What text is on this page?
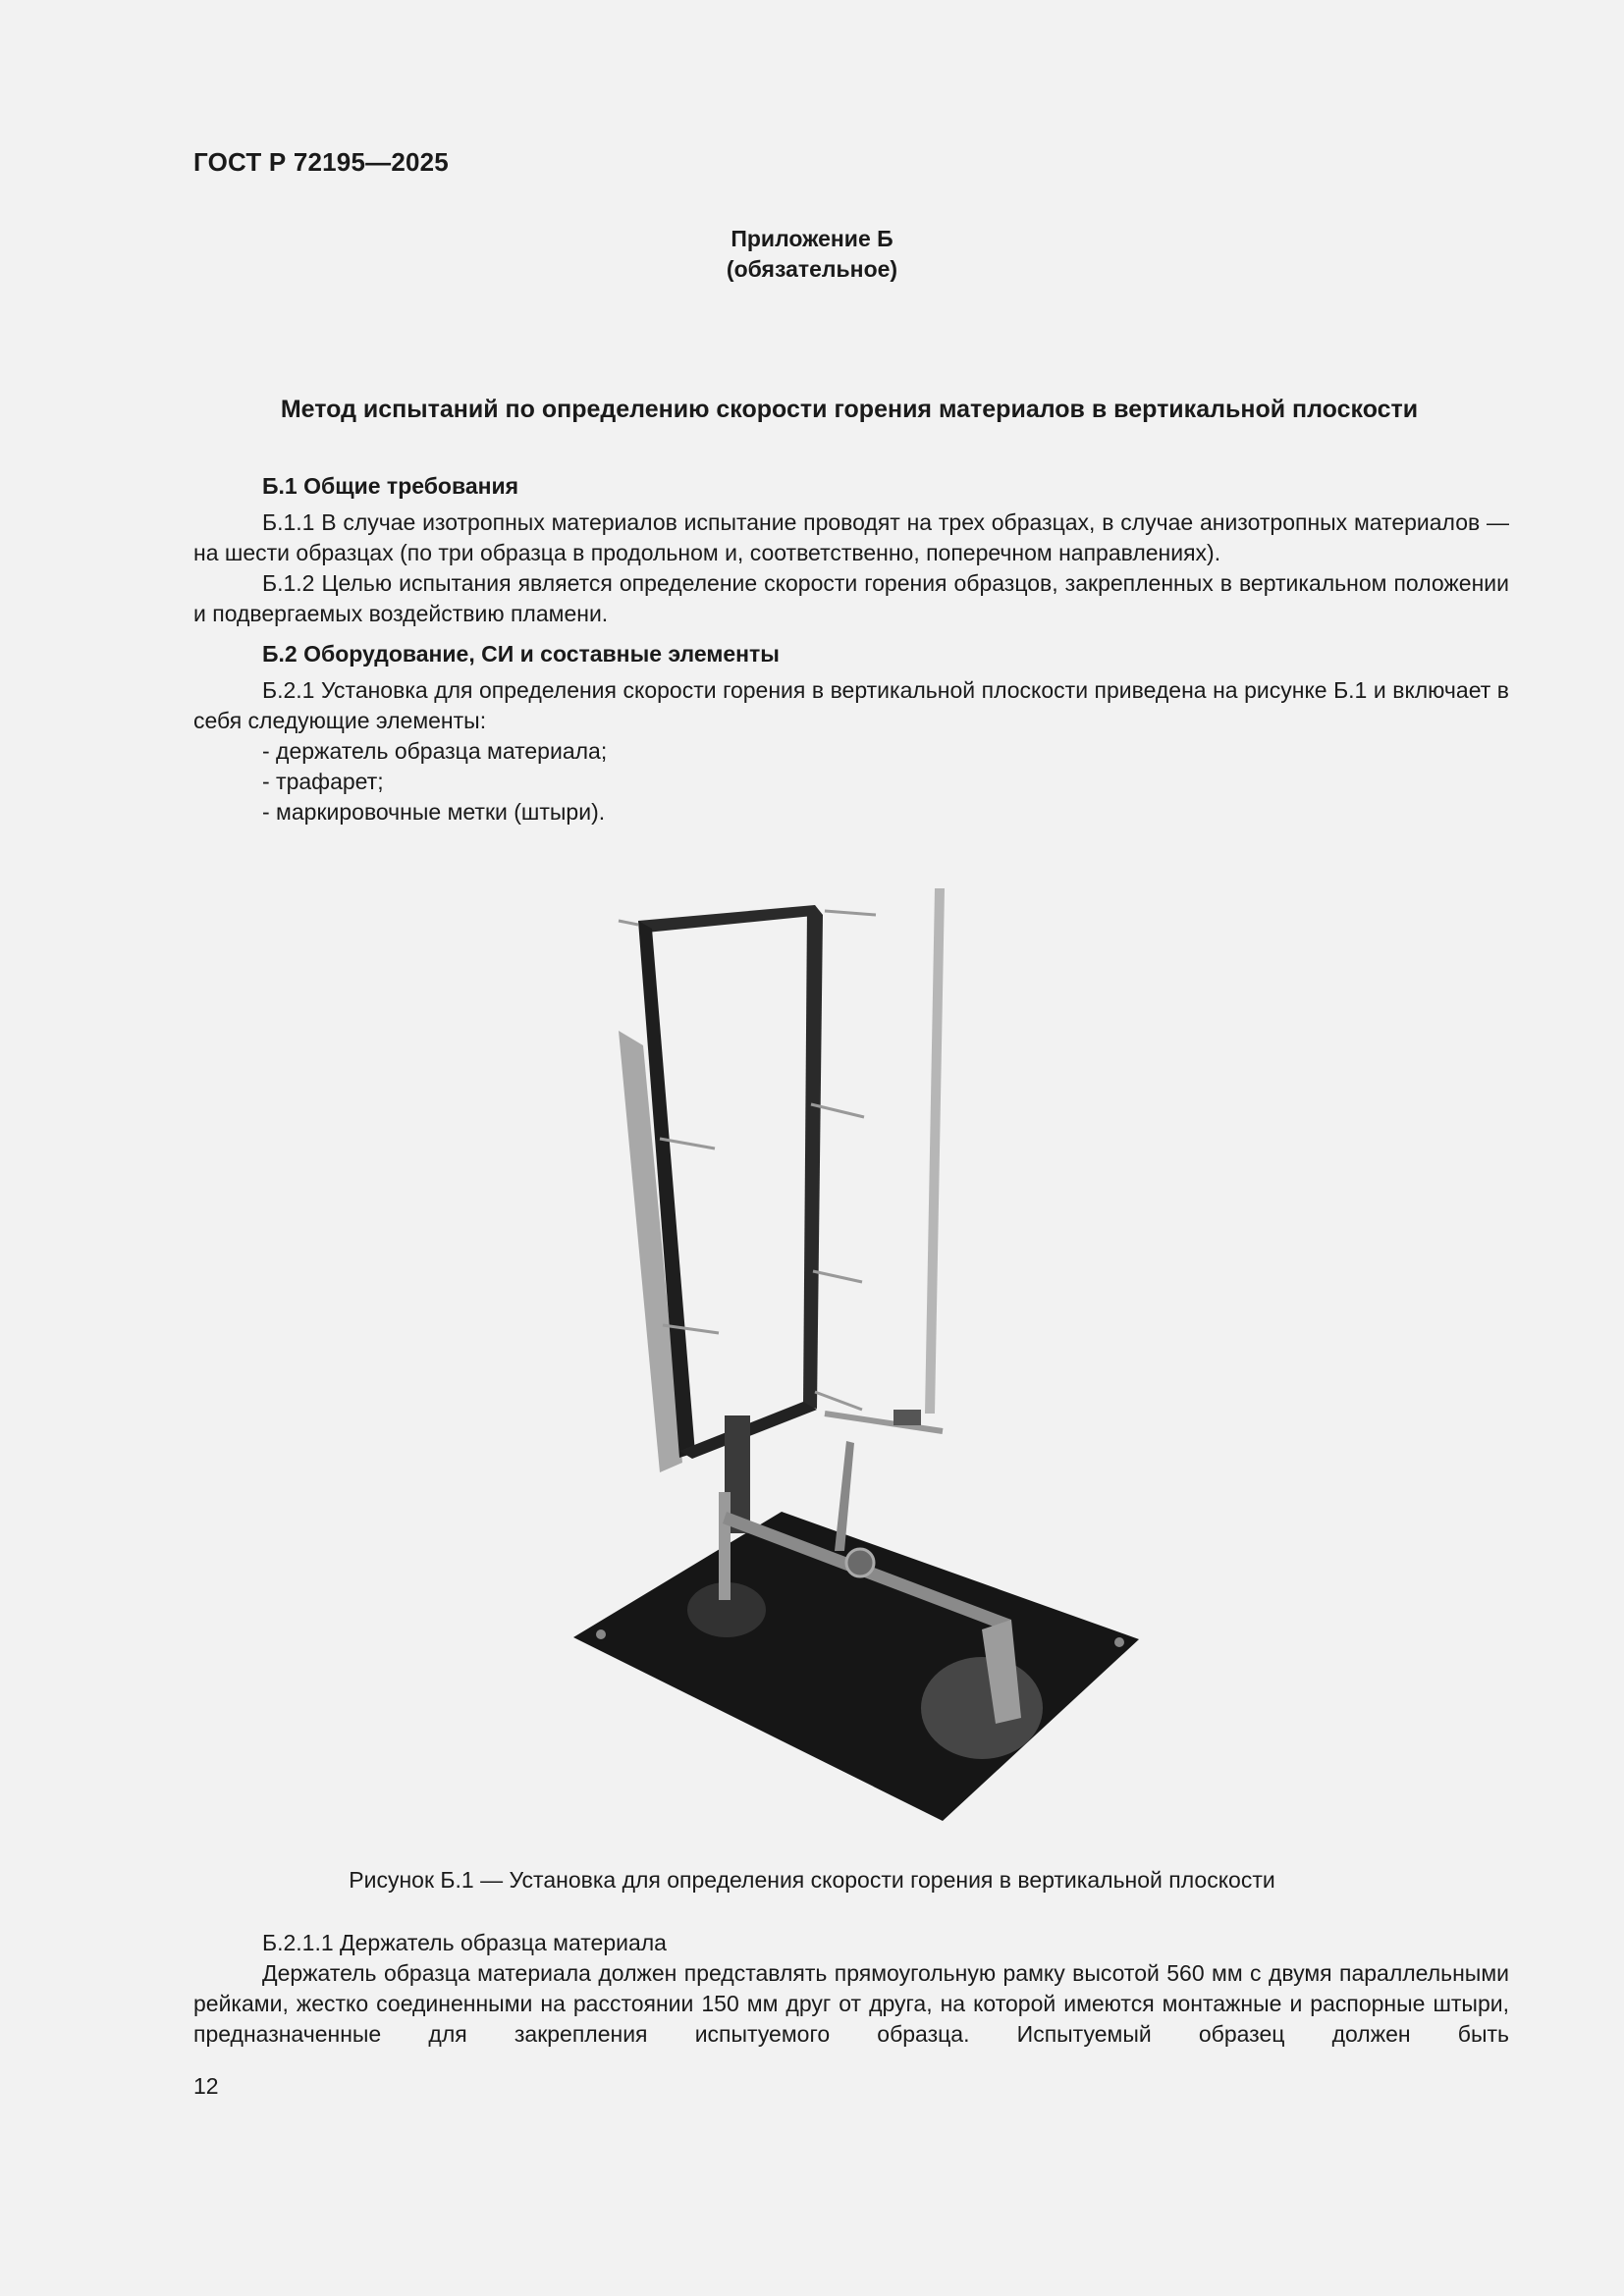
ГОСТ Р 72195—2025
Приложение Б
(обязательное)
Метод испытаний по определению скорости горения материалов в вертикальной плоскости

Б.1 Общие требования

Б.1.1 В случае изотропных материалов испытание проводят на трех образцах, в случае анизотропных материалов — на шести образцах (по три образца в продольном и, соответственно, поперечном направлениях).

Б.1.2 Целью испытания является определение скорости горения образцов, закрепленных в вертикальном положении и подвергаемых воздействию пламени.

Б.2 Оборудование, СИ и составные элементы

Б.2.1 Установка для определения скорости горения в вертикальной плоскости приведена на рисунке Б.1 и включает в себя следующие элементы:

- держатель образца материала;

- трафарет;

- маркировочные метки (штыри).

Рисунок Б.1 — Установка для определения скорости горения в вертикальной плоскости

Б.2.1.1 Держатель образца материала

Держатель образца материала должен представлять прямоугольную рамку высотой 560 мм с двумя параллельными рейками, жестко соединенными на расстоянии 150 мм друг от друга, на которой имеются монтажные и распорные штыри, предназначенные для закрепления испытуемого образца. Испытуемый образец должен быть

12
